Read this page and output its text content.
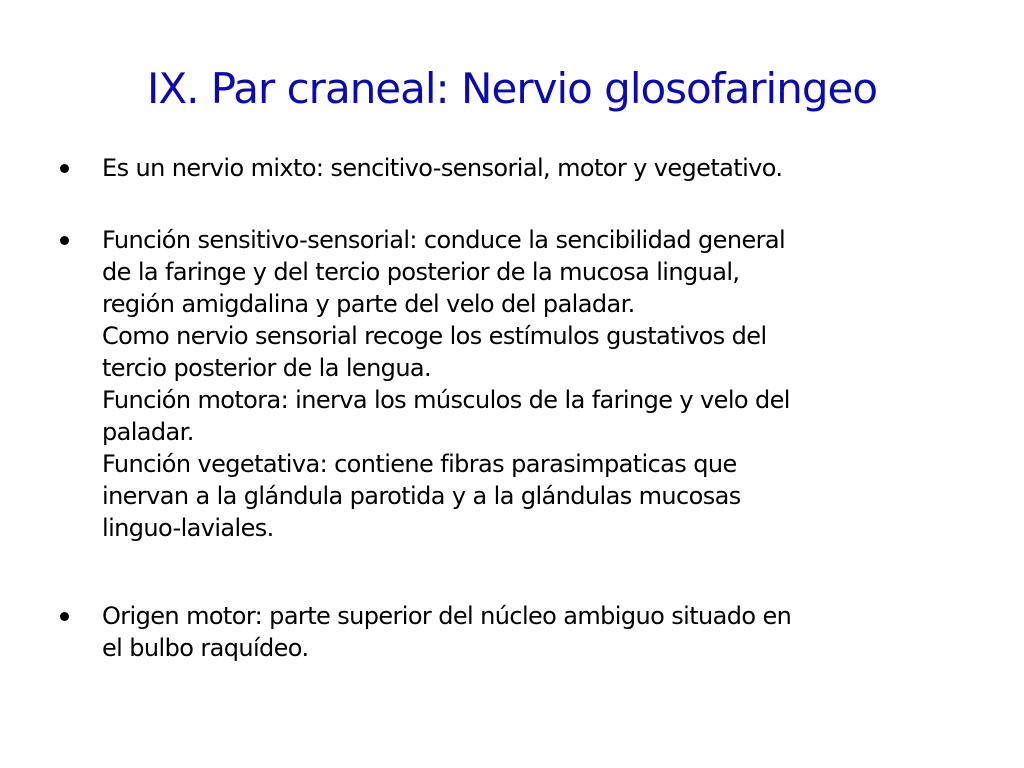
IX. Par craneal: Nervio glosofaringeo
Es un nervio mixto: sencitivo-sensorial, motor y vegetativo.
Función sensitivo-sensorial: conduce la sencibilidad general
de la faringe y del tercio posterior de la mucosa lingual,
región amigdalina y parte del velo del paladar.
Como nervio sensorial recoge los estímulos gustativos del
tercio posterior de la lengua.
Función motora: inerva los músculos de la faringe y velo del
paladar.
Función vegetativa: contiene fibras parasimpaticas que
inervan a la glándula parotida y a la glándulas mucosas
linguo-laviales.
Origen motor: parte superior del núcleo ambiguo situado en
el bulbo raquídeo.
